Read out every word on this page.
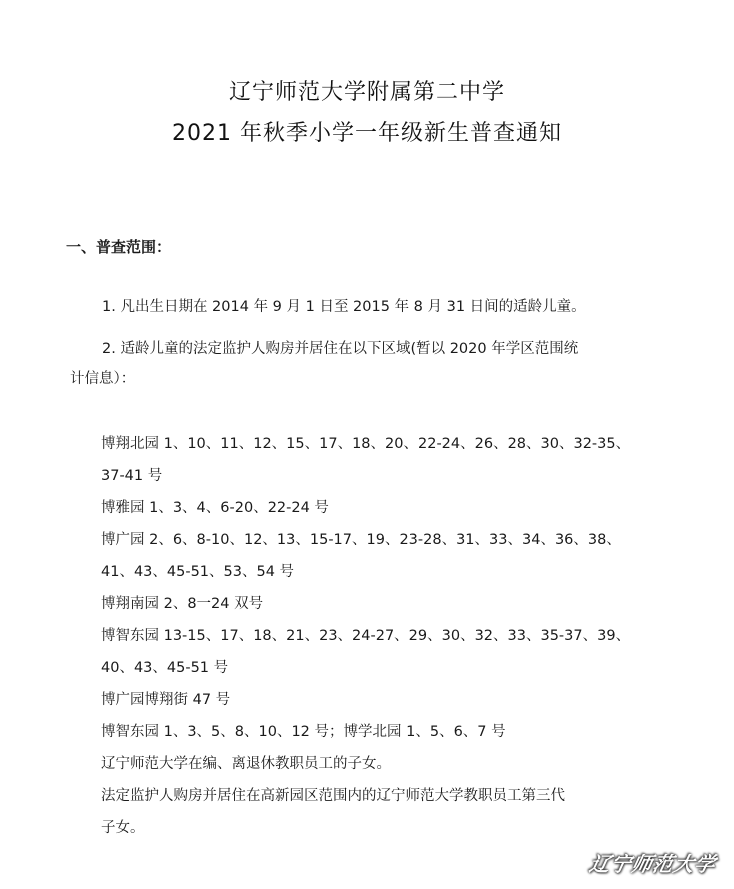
辽宁师范大学附属第二中学
2021 年秋季小学一年级新生普查通知
一、普查范围：
1. 凡出生日期在 2014 年 9 月 1 日至 2015 年 8 月 31 日间的适龄儿童。
2. 适龄儿童的法定监护人购房并居住在以下区域(暂以 2020 年学区范围统
计信息）：
博翔北园 1、10、11、12、15、17、18、20、22-24、26、28、30、32-35、
37-41 号
博雅园 1、3、4、6-20、22-24 号
博广园 2、6、8-10、12、13、15-17、19、23-28、31、33、34、36、38、
41、43、45-51、53、54 号
博翔南园 2、8一24 双号
博智东园 13-15、17、18、21、23、24-27、29、30、32、33、35-37、39、
40、43、45-51 号
博广园博翔街 47 号
博智东园 1、3、5、8、10、12 号；博学北园 1、5、6、7 号
辽宁师范大学在编、离退休教职员工的子女。
法定监护人购房并居住在高新园区范围内的辽宁师范大学教职员工第三代
子女。
辽宁师范大学
